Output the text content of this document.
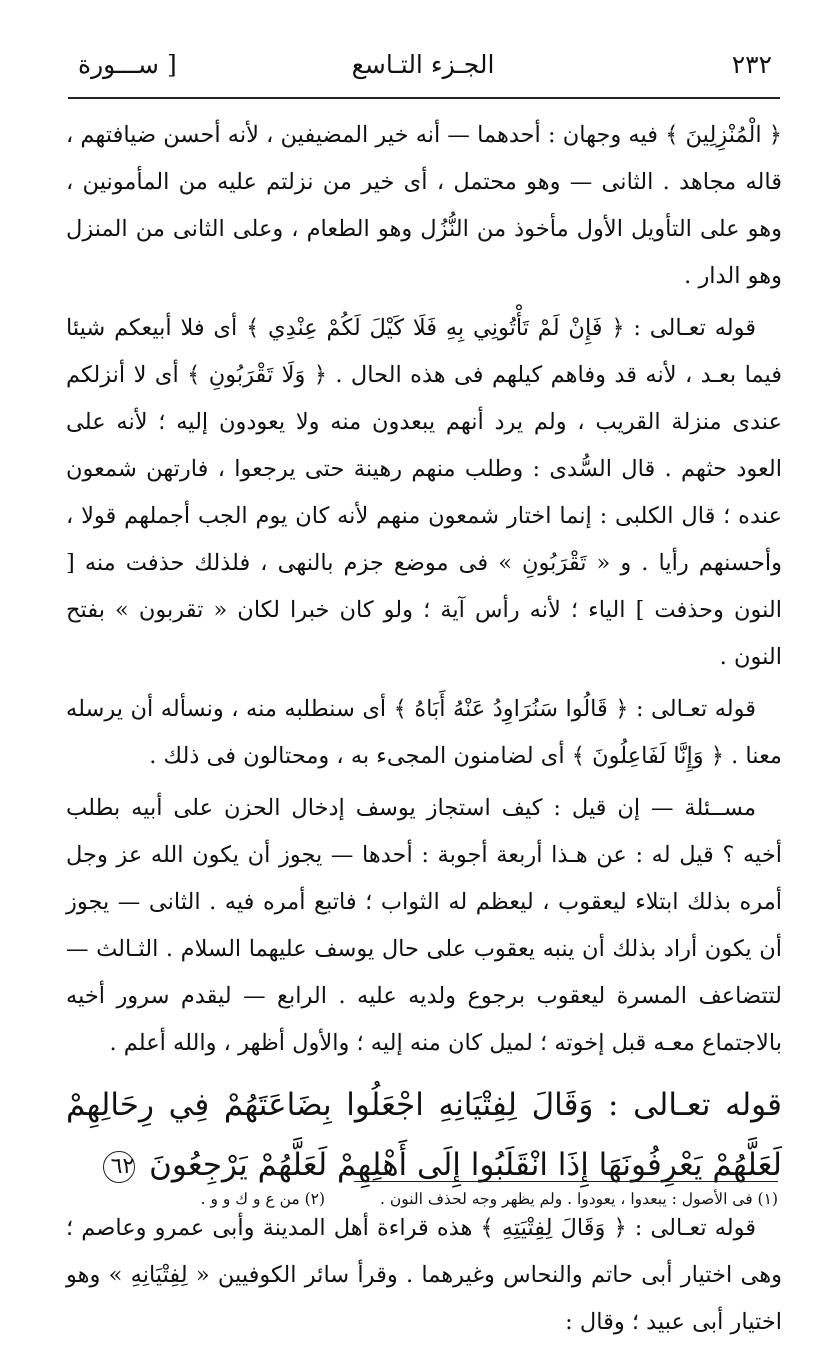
٢٣٢
الجـزء التـاسع
[ ســـورة

﴿ الْمُنْزِلِينَ ﴾ فيه وجهان : أحدهما — أنه خير المضيفين ، لأنه أحسن ضيافتهم ، قاله مجاهد . الثانى — وهو محتمل ، أى خير من نزلتم عليه من المأمونين ، وهو على التأويل الأول مأخوذ من النُّزُل وهو الطعام ، وعلى الثانى من المنزل وهو الدار .

قوله تعـالى : ﴿ فَإِنْ لَمْ تَأْتُونِي بِهِ فَلَا كَيْلَ لَكُمْ عِنْدِي ﴾ أى فلا أبيعكم شيئا فيما بعـد ، لأنه قد وفاهم كيلهم فى هذه الحال . ﴿ وَلَا تَقْرَبُونِ ﴾ أى لا أنزلكم عندى منزلة القريب ، ولم يرد أنهم يبعدون منه ولا يعودون إليه ؛ لأنه على العود حثهم . قال السُّدى : وطلب منهم رهينة حتى يرجعوا ، فارتهن شمعون عنده ؛ قال الكلبى : إنما اختار شمعون منهم لأنه كان يوم الجب أجملهم قولا ، وأحسنهم رأيا . و « تَقْرَبُونِ » فى موضع جزم بالنهى ، فلذلك حذفت منه [ النون وحذفت ] الياء ؛ لأنه رأس آية ؛ ولو كان خبرا لكان « تقربون » بفتح النون .

قوله تعـالى : ﴿ قَالُوا سَنُرَاوِدُ عَنْهُ أَبَاهُ ﴾ أى سنطلبه منه ، ونسأله أن يرسله معنا . ﴿ وَإِنَّا لَفَاعِلُونَ ﴾ أى لضامنون المجىء به ، ومحتالون فى ذلك .

مســئلة — إن قيل : كيف استجاز يوسف إدخال الحزن على أبيه بطلب أخيه ؟ قيل له : عن هـذا أربعة أجوبة : أحدها — يجوز أن يكون الله عز وجل أمره بذلك ابتلاء ليعقوب ، ليعظم له الثواب ؛ فاتبع أمره فيه . الثانى — يجوز أن يكون أراد بذلك أن ينبه يعقوب على حال يوسف عليهما السلام . الثـالث — لتتضاعف المسرة ليعقوب برجوع ولديه عليه . الرابع — ليقدم سرور أخيه بالاجتماع معـه قبل إخوته ؛ لميل كان منه إليه ؛ والأول أظهر ، والله أعلم .

قوله تعـالى : وَقَالَ لِفِتْيَانِهِ اجْعَلُوا بِضَاعَتَهُمْ فِي رِحَالِهِمْ لَعَلَّهُمْ يَعْرِفُونَهَا إِذَا انْقَلَبُوا إِلَى أَهْلِهِمْ لَعَلَّهُمْ يَرْجِعُونَ ٦٢

قوله تعـالى : ﴿ وَقَالَ لِفِتْيَتِهِ ﴾ هذه قراءة أهل المدينة وأبى عمرو وعاصم ؛ وهى اختيار أبى حاتم والنحاس وغيرهما . وقرأ سائر الكوفيين « لِفِتْيَانِهِ » وهو اختيار أبى عبيد ؛ وقال :

(١) فى الأصول : يبعدوا ، يعودوا . ولم يظهر وجه لحذف النون . (٢) من ع و ك و و .
